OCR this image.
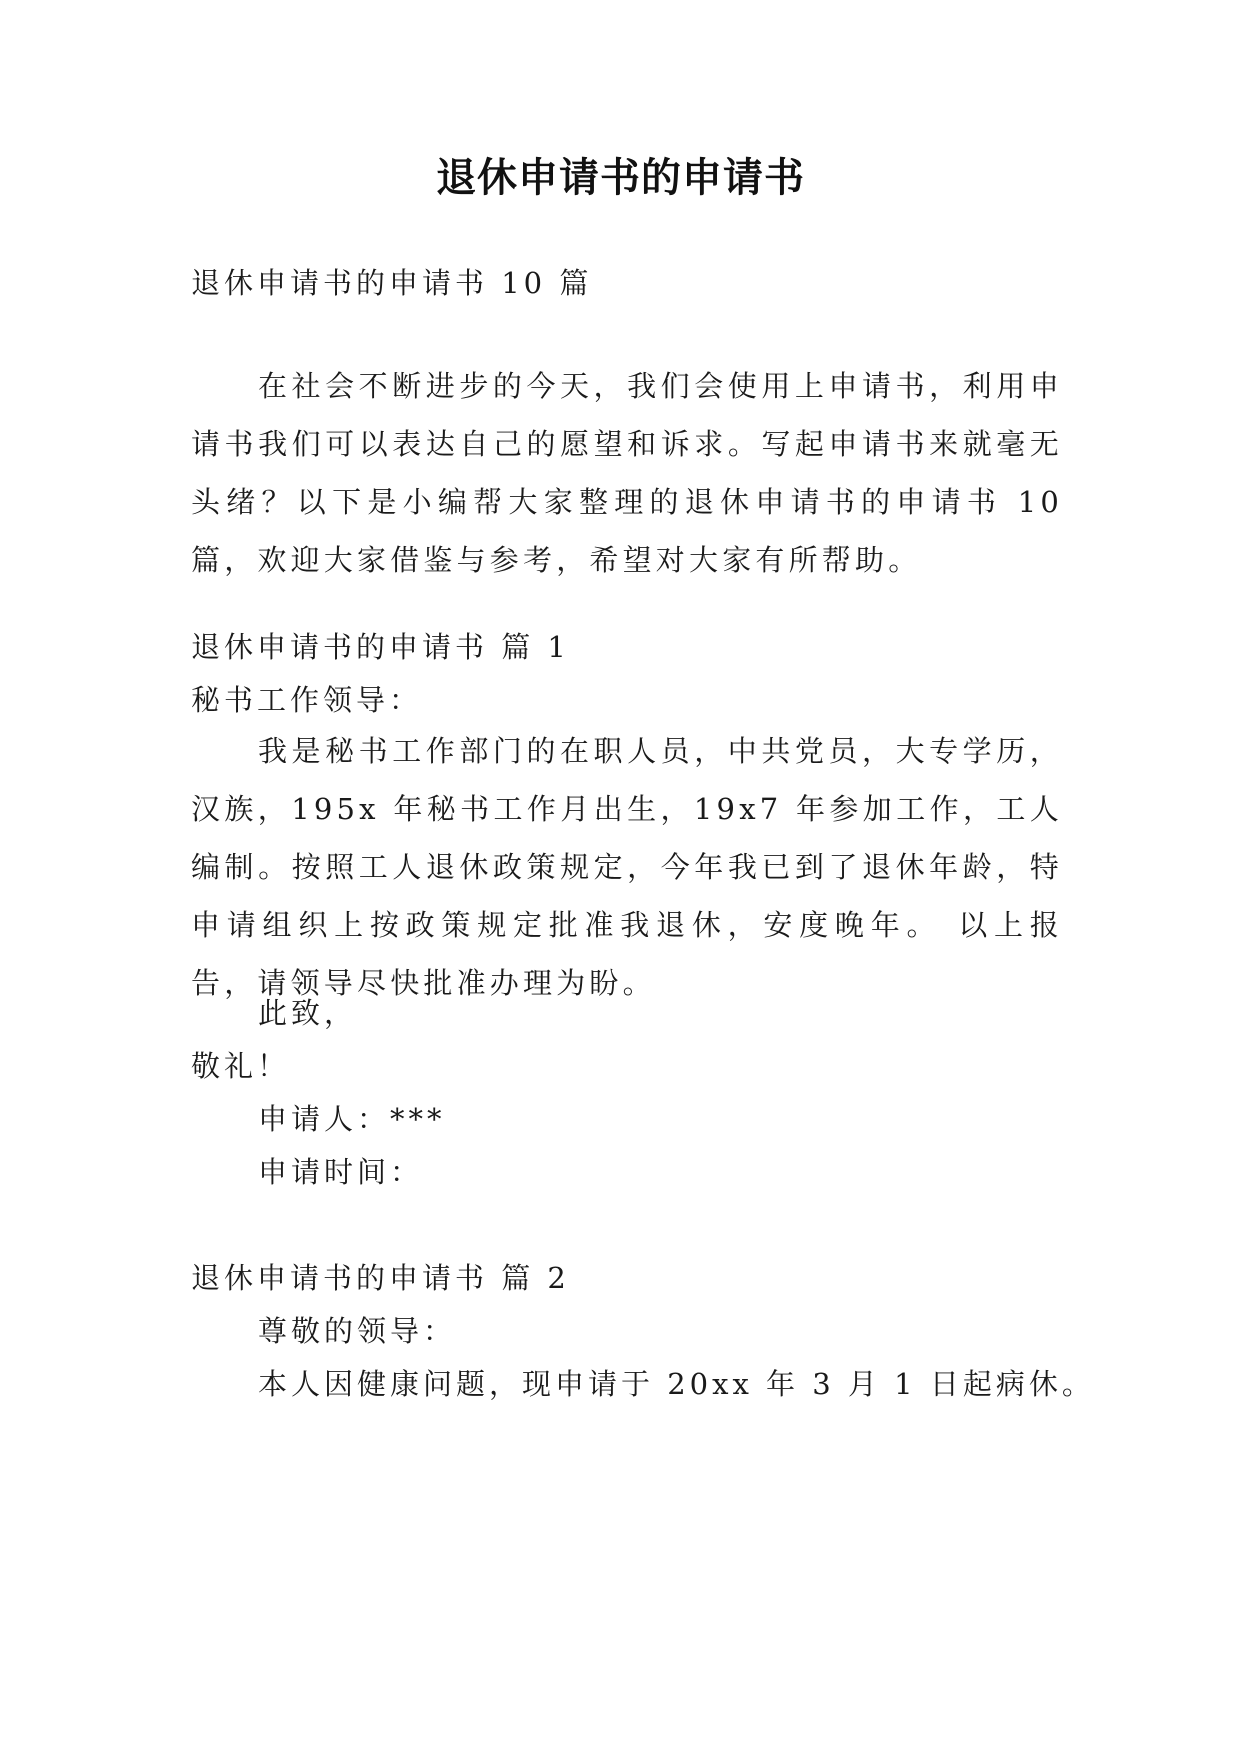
退休申请书的申请书
退休申请书的申请书 10 篇
在社会不断进步的今天，我们会使用上申请书，利用申请书我们可以表达自己的愿望和诉求。写起申请书来就毫无头绪？以下是小编帮大家整理的退休申请书的申请书 10 篇，欢迎大家借鉴与参考，希望对大家有所帮助。
退休申请书的申请书 篇 1
秘书工作领导：
我是秘书工作部门的在职人员，中共党员，大专学历，汉族，195x 年秘书工作月出生，19x7 年参加工作，工人编制。按照工人退休政策规定，今年我已到了退休年龄，特申请组织上按政策规定批准我退休，安度晚年。 以上报告，请领导尽快批准办理为盼。
此致，
敬礼！
申请人：***
申请时间：
退休申请书的申请书 篇 2
尊敬的领导：
本人因健康问题，现申请于 20xx 年 3 月 1 日起病休。
